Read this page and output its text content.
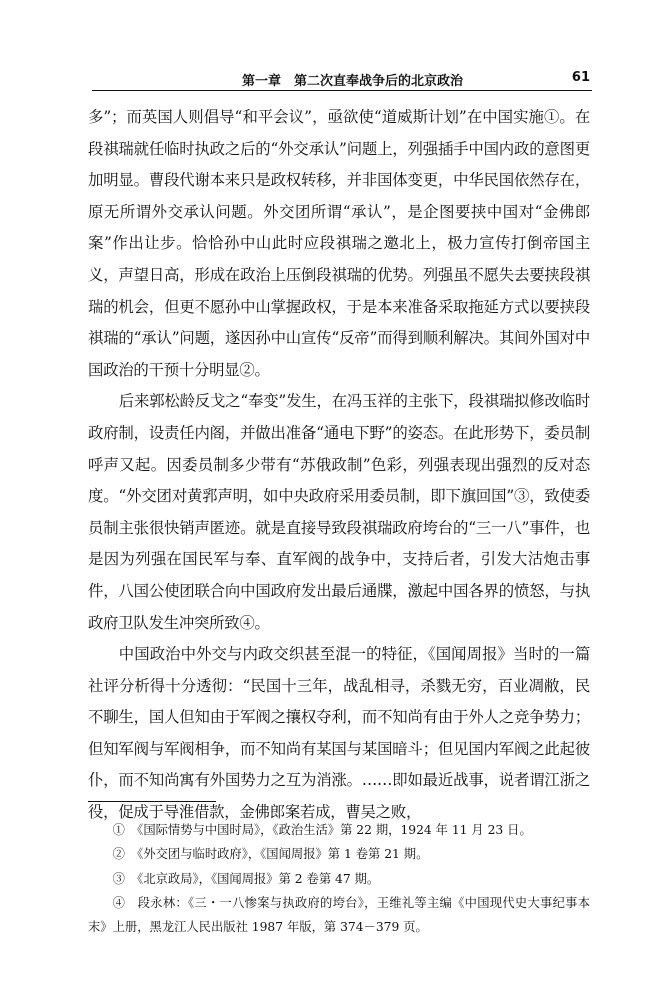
第一章　第二次直奉战争后的北京政治	61

多”；而英国人则倡导“和平会议”，亟欲使“道威斯计划”在中国实施①。在段祺瑞就任临时执政之后的“外交承认”问题上，列强插手中国内政的意图更加明显。曹段代谢本来只是政权转移，并非国体变更，中华民国依然存在，原无所谓外交承认问题。外交团所谓“承认”，是企图要挟中国对“金佛郎案”作出让步。恰恰孙中山此时应段祺瑞之邀北上，极力宣传打倒帝国主义，声望日高，形成在政治上压倒段祺瑞的优势。列强虽不愿失去要挟段祺瑞的机会，但更不愿孙中山掌握政权，于是本来准备采取拖延方式以要挟段祺瑞的“承认”问题，遂因孙中山宣传“反帝”而得到顺利解决。其间外国对中国政治的干预十分明显②。

后来郭松龄反戈之“奉变”发生，在冯玉祥的主张下，段祺瑞拟修改临时政府制，设责任内阁，并做出准备“通电下野”的姿态。在此形势下，委员制呼声又起。因委员制多少带有“苏俄政制”色彩，列强表现出强烈的反对态度。“外交团对黄郛声明，如中央政府采用委员制，即下旗回国”③，致使委员制主张很快销声匿迹。就是直接导致段祺瑞政府垮台的“三一八”事件，也是因为列强在国民军与奉、直军阀的战争中，支持后者，引发大沽炮击事件，八国公使团联合向中国政府发出最后通牒，激起中国各界的愤怒，与执政府卫队发生冲突所致④。

中国政治中外交与内政交织甚至混一的特征，《国闻周报》当时的一篇社评分析得十分透彻：“民国十三年，战乱相寻，杀戮无穷，百业凋敝，民不聊生，国人但知由于军阀之攘权夺利，而不知尚有由于外人之竞争势力；但知军阀与军阀相争，而不知尚有某国与某国暗斗；但见国内军阀之此起彼仆，而不知尚寓有外国势力之互为消涨。……即如最近战事，说者谓江浙之役，促成于导淮借款，金佛郎案若成，曹吴之败，

①　《国际情势与中国时局》，《政治生活》第 22 期，1924 年 11 月 23 日。

②　《外交团与临时政府》，《国闻周报》第 1 卷第 21 期。

③　《北京政局》，《国闻周报》第 2 卷第 47 期。

④　段永林：《三・一八惨案与执政府的垮台》，王维礼等主编《中国现代史大事纪事本末》上册，黑龙江人民出版社 1987 年版，第 374－379 页。
